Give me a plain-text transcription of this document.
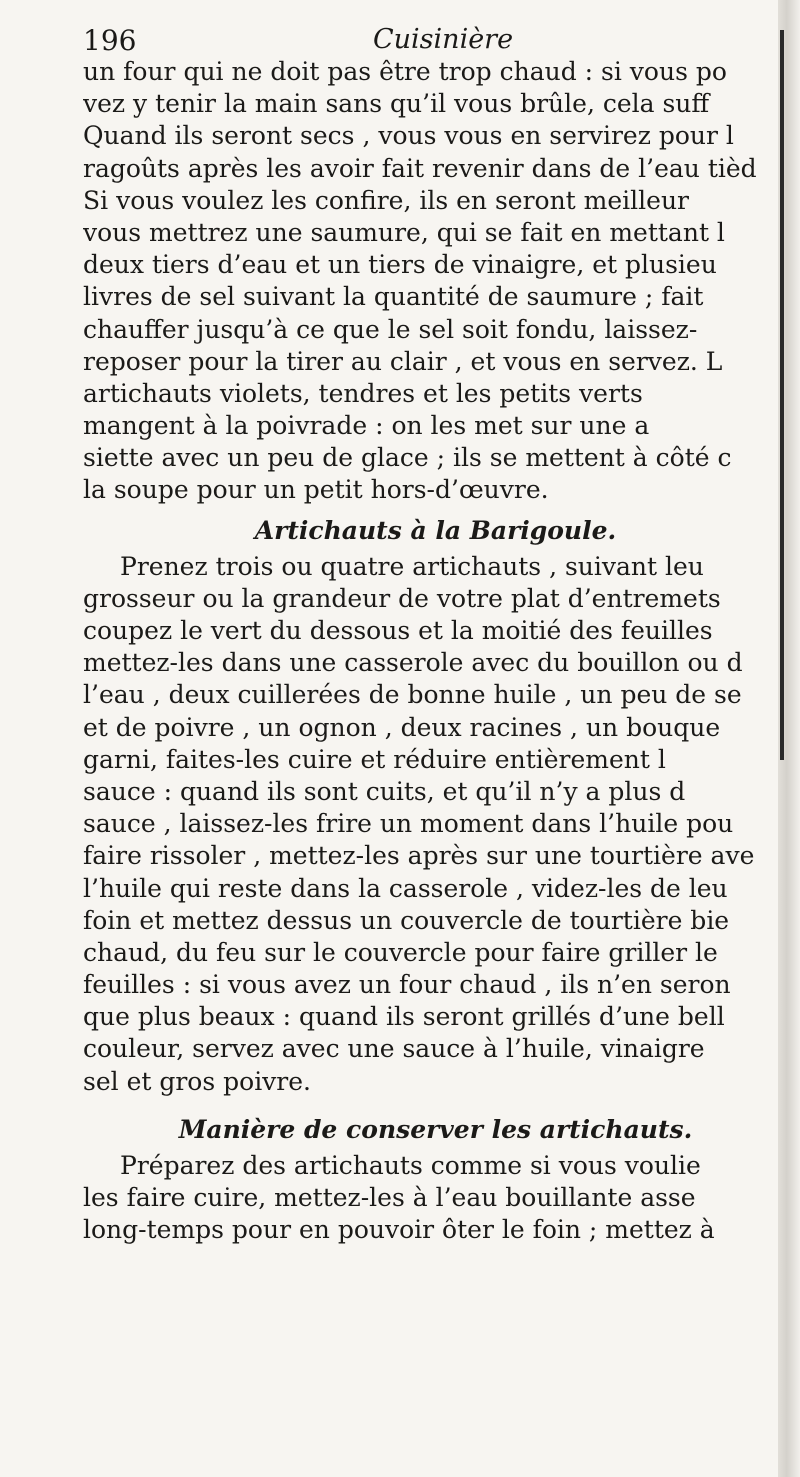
196	Cuisinière
un four qui ne doit pas être trop chaud : si vous po
vez y tenir la main sans qu’il vous brûle, cela suff
Quand ils seront secs , vous vous en servirez pour l
ragoûts après les avoir fait revenir dans de l’eau tièd
Si vous voulez les confire, ils en seront meilleur
vous mettrez une saumure, qui se fait en mettant l
deux tiers d’eau et un tiers de vinaigre, et plusieu
livres de sel suivant la quantité de saumure ; fait
chauffer jusqu’à ce que le sel soit fondu, laissez-
reposer pour la tirer au clair , et vous en servez. L
artichauts violets, tendres et les petits verts
mangent à la poivrade : on les met sur une a
siette avec un peu de glace ; ils se mettent à côté c
la soupe pour un petit hors-d’œuvre.
Artichauts à la Barigoule.
Prenez trois ou quatre artichauts , suivant leu
grosseur ou la grandeur de votre plat d’entremets
coupez le vert du dessous et la moitié des feuilles
mettez-les dans une casserole avec du bouillon ou d
l’eau , deux cuillerées de bonne huile , un peu de se
et de poivre , un ognon , deux racines , un bouque
garni, faites-les cuire et réduire entièrement l
sauce : quand ils sont cuits, et qu’il n’y a plus d
sauce , laissez-les frire un moment dans l’huile pou
faire rissoler , mettez-les après sur une tourtière ave
l’huile qui reste dans la casserole , videz-les de leu
foin et mettez dessus un couvercle de tourtière bie
chaud, du feu sur le couvercle pour faire griller le
feuilles : si vous avez un four chaud , ils n’en seron
que plus beaux : quand ils seront grillés d’une bell
couleur, servez avec une sauce à l’huile, vinaigre
sel et gros poivre.
Manière de conserver les artichauts.
Préparez des artichauts comme si vous voulie
les faire cuire, mettez-les à l’eau bouillante asse
long-temps pour en pouvoir ôter le foin ; mettez à
